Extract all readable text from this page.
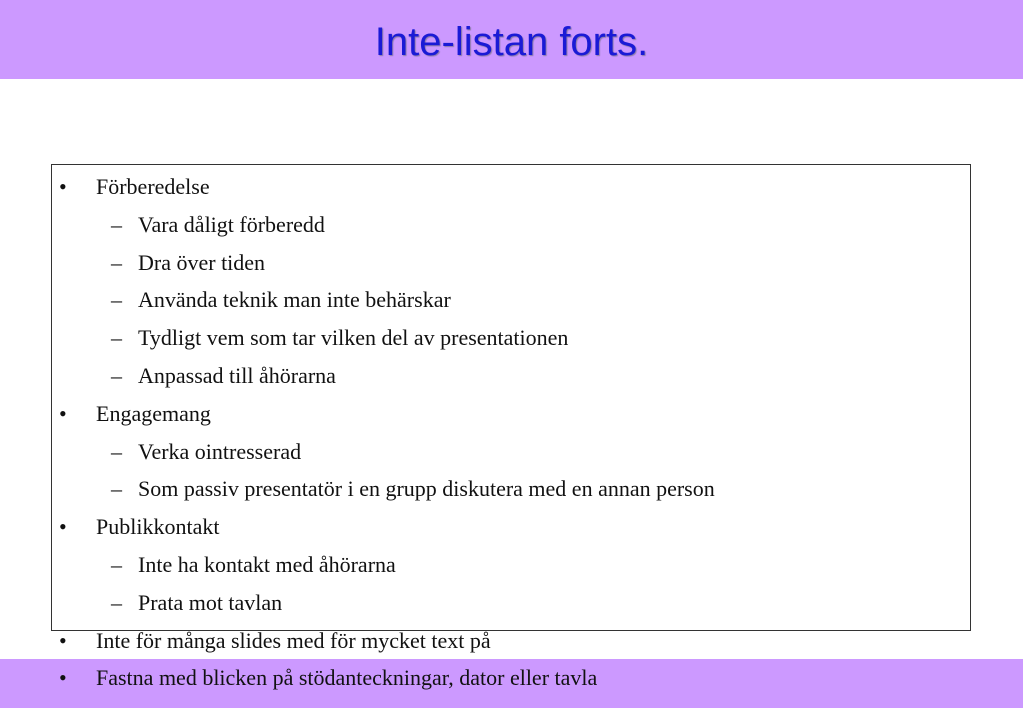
Inte-listan forts.
• Förberedelse
– Vara dåligt förberedd
– Dra över tiden
– Använda teknik man inte behärskar
– Tydligt vem som tar vilken del av presentationen
– Anpassad till åhörarna
• Engagemang
– Verka ointresserad
– Som passiv presentatör i en grupp diskutera med en annan person
• Publikkontakt
– Inte ha kontakt med åhörarna
– Prata mot tavlan
• Inte för många slides med för mycket text på
• Fastna med blicken på stödanteckningar, dator eller tavla
